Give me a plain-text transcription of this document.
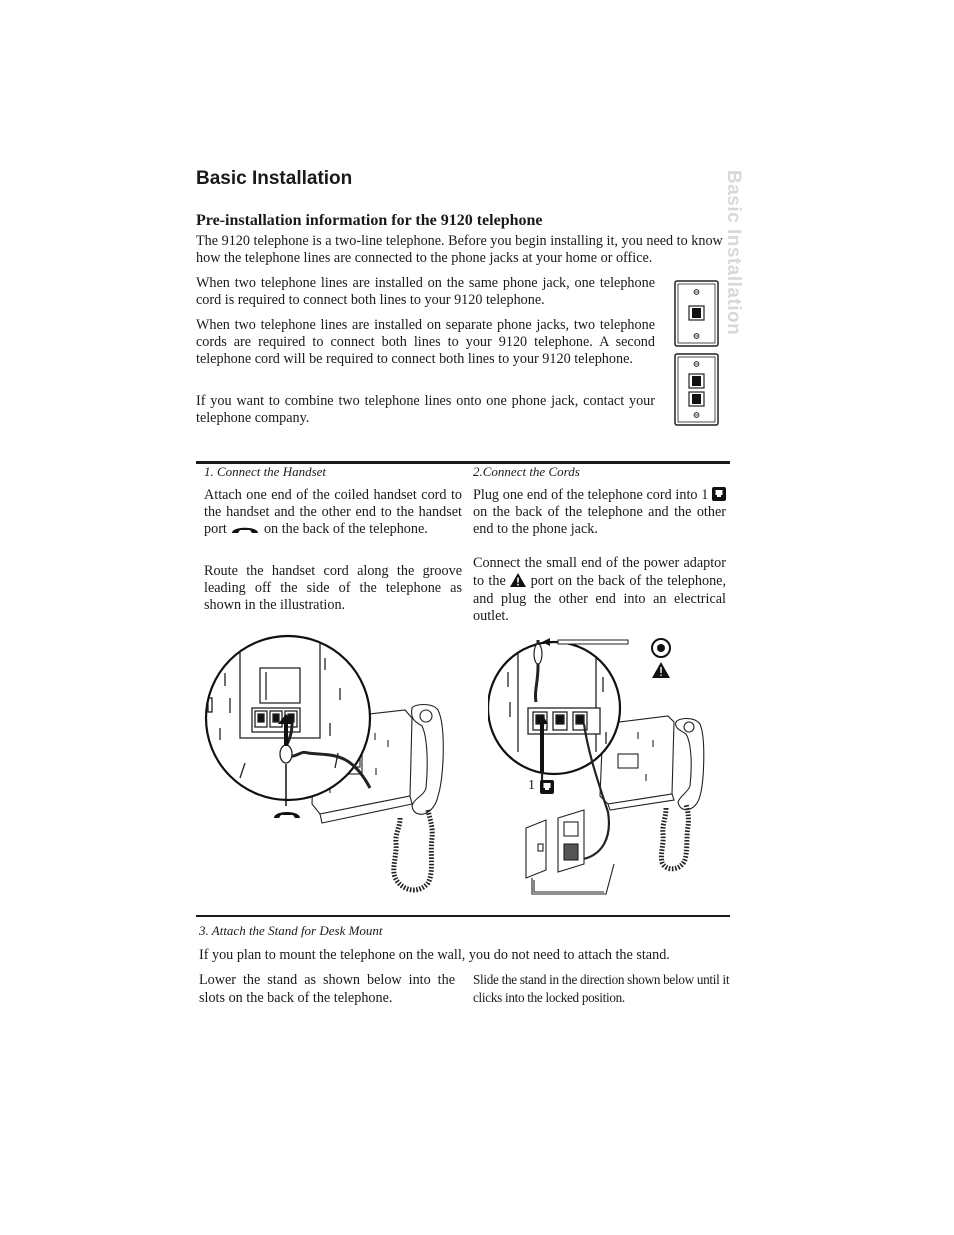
Basic Installation	Basic Installation
Pre-installation information for the 9120 telephone

The 9120 telephone is a two-line telephone. Before you begin installing it, you need to know how the telephone lines are connected to the phone jacks at your home or office.

When two telephone lines are installed on the same phone jack, one telephone cord is required to connect both lines to your 9120 telephone.

When two telephone lines are installed on separate phone jacks, two telephone cords are required to connect both lines to your 9120 telephone. A second telephone cord will be required to connect both lines to your 9120 telephone.

If you want to combine two telephone lines onto one phone jack, contact your telephone company.

1. Connect the Handset

Attach one end of the coiled handset cord to the handset and the other end to the handset port	on the back of the telephone.

Route the handset cord along the groove leading off the side of the telephone as shown in the illustration.

2.Connect the Cords

Plug one end of the telephone cord into 1  on the back of the telephone and the other end to the phone jack.

Connect the small end of the power adaptor to the port on the back of the telephone, and plug the other end into an electrical outlet.

1
3. Attach the Stand for Desk Mount

If you plan to mount the telephone on the wall, you do not need to attach the stand.

Lower the stand as shown below into the slots on the back of the telephone.

Slide the stand in the direction shown below until it clicks into the locked position.
